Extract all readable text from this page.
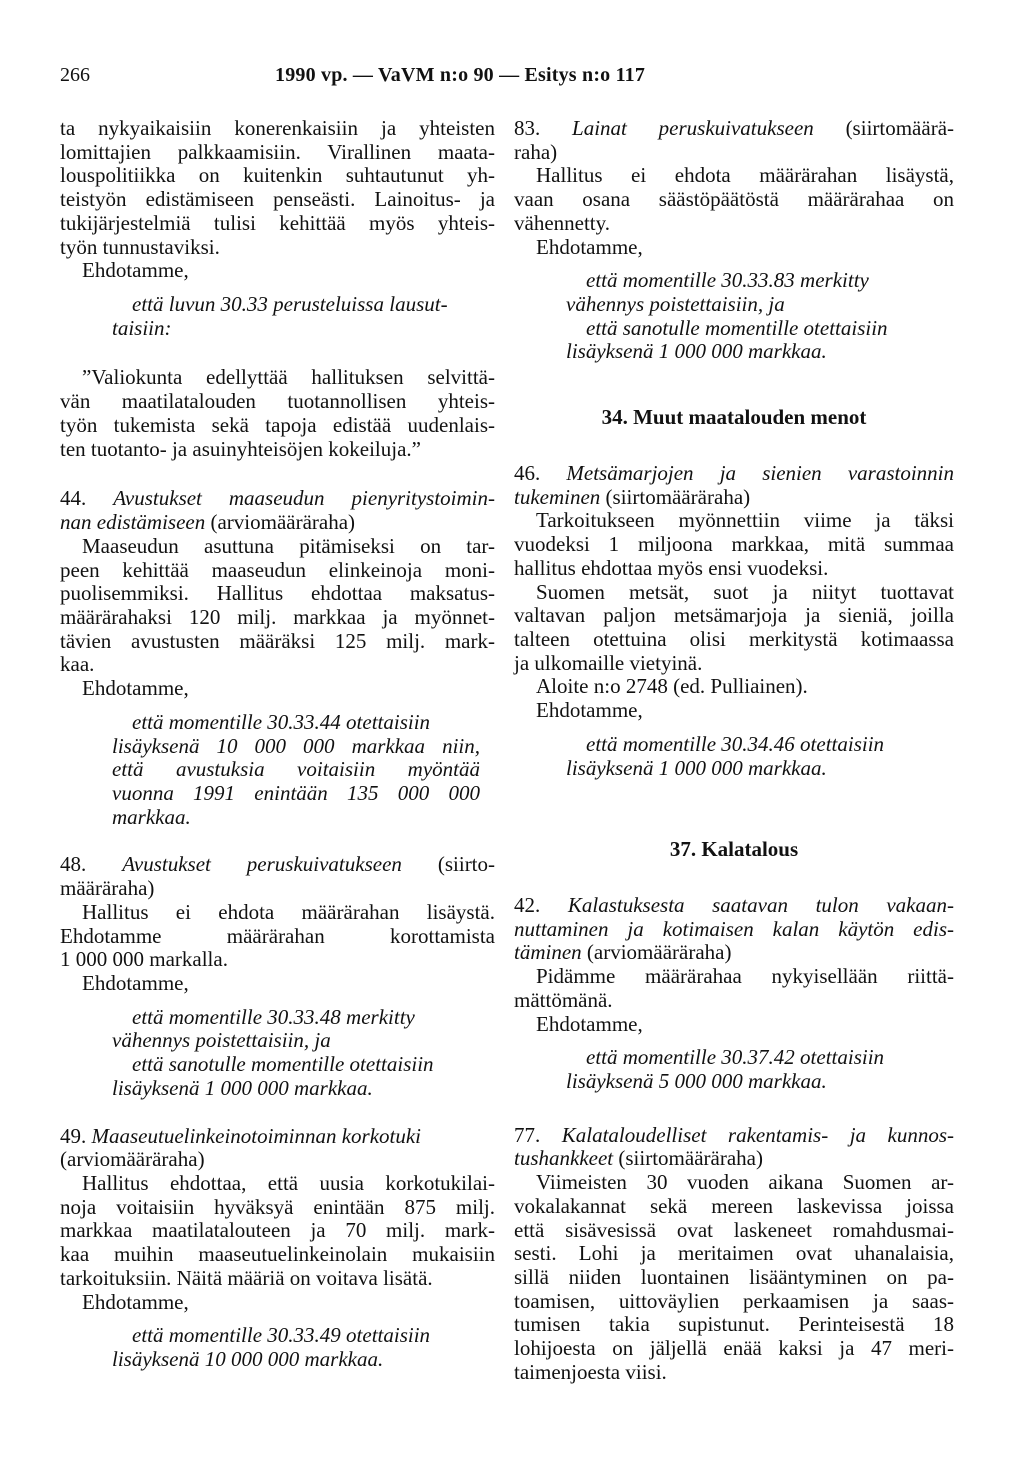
266	1990 vp. — VaVM n:o 90 — Esitys n:o 117
ta nykyaikaisiin konerenkaisiin ja yhteisten
lomittajien palkkaamisiin. Virallinen maata-
louspolitiikka on kuitenkin suhtautunut yh-
teistyön edistämiseen penseästi. Lainoitus- ja
tukijärjestelmiä tulisi kehittää myös yhteis-
työn tunnustaviksi.
Ehdotamme,
että luvun 30.33 perusteluissa lausut-
taisiin:
”Valiokunta edellyttää hallituksen selvittä-
vän maatilatalouden tuotannollisen yhteis-
työn tukemista sekä tapoja edistää uudenlais-
ten tuotanto- ja asuinyhteisöjen kokeiluja.”
44. Avustukset maaseudun pienyritystoimin-
nan edistämiseen (arviomääräraha)
Maaseudun asuttuna pitämiseksi on tar-
peen kehittää maaseudun elinkeinoja moni-
puolisemmiksi. Hallitus ehdottaa maksatus-
määrärahaksi 120 milj. markkaa ja myönnet-
tävien avustusten määräksi 125 milj. mark-
kaa.
Ehdotamme,
että momentille 30.33.44 otettaisiin
lisäyksenä 10 000 000 markkaa niin,
että avustuksia voitaisiin myöntää
vuonna 1991 enintään 135 000 000
markkaa.
48. Avustukset peruskuivatukseen (siirto-
määräraha)
Hallitus ei ehdota määrärahan lisäystä.
Ehdotamme määrärahan korottamista
1 000 000 markalla.
Ehdotamme,
että momentille 30.33.48 merkitty
vähennys poistettaisiin, ja
että sanotulle momentille otettaisiin
lisäyksenä 1 000 000 markkaa.
49. Maaseutuelinkeinotoiminnan korkotuki
(arviomääräraha)
Hallitus ehdottaa, että uusia korkotukilai-
noja voitaisiin hyväksyä enintään 875 milj.
markkaa maatilatalouteen ja 70 milj. mark-
kaa muihin maaseutuelinkeinolain mukaisiin
tarkoituksiin. Näitä määriä on voitava lisätä.
Ehdotamme,
että momentille 30.33.49 otettaisiin
lisäyksenä 10 000 000 markkaa.
83. Lainat peruskuivatukseen (siirtomäärä-
raha)
Hallitus ei ehdota määrärahan lisäystä,
vaan osana säästöpäätöstä määrärahaa on
vähennetty.
Ehdotamme,
että momentille 30.33.83 merkitty
vähennys poistettaisiin, ja
että sanotulle momentille otettaisiin
lisäyksenä 1 000 000 markkaa.
34. Muut maatalouden menot
46. Metsämarjojen ja sienien varastoinnin
tukeminen (siirtomääräraha)
Tarkoitukseen myönnettiin viime ja täksi
vuodeksi 1 miljoona markkaa, mitä summaa
hallitus ehdottaa myös ensi vuodeksi.
Suomen metsät, suot ja niityt tuottavat
valtavan paljon metsämarjoja ja sieniä, joilla
talteen otettuina olisi merkitystä kotimaassa
ja ulkomaille vietyinä.
Aloite n:o 2748 (ed. Pulliainen).
Ehdotamme,
että momentille 30.34.46 otettaisiin
lisäyksenä 1 000 000 markkaa.
37. Kalatalous
42. Kalastuksesta saatavan tulon vakaan-
nuttaminen ja kotimaisen kalan käytön edis-
täminen (arviomääräraha)
Pidämme määrärahaa nykyisellään riittä-
mättömänä.
Ehdotamme,
että momentille 30.37.42 otettaisiin
lisäyksenä 5 000 000 markkaa.
77. Kalataloudelliset rakentamis- ja kunnos-
tushankkeet (siirtomääräraha)
Viimeisten 30 vuoden aikana Suomen ar-
vokalakannat sekä mereen laskevissa joissa
että sisävesissä ovat laskeneet romahdusmai-
sesti. Lohi ja meritaimen ovat uhanalaisia,
sillä niiden luontainen lisääntyminen on pa-
toamisen, uittoväylien perkaamisen ja saas-
tumisen takia supistunut. Perinteisestä 18
lohijoesta on jäljellä enää kaksi ja 47 meri-
taimenjoesta viisi.
